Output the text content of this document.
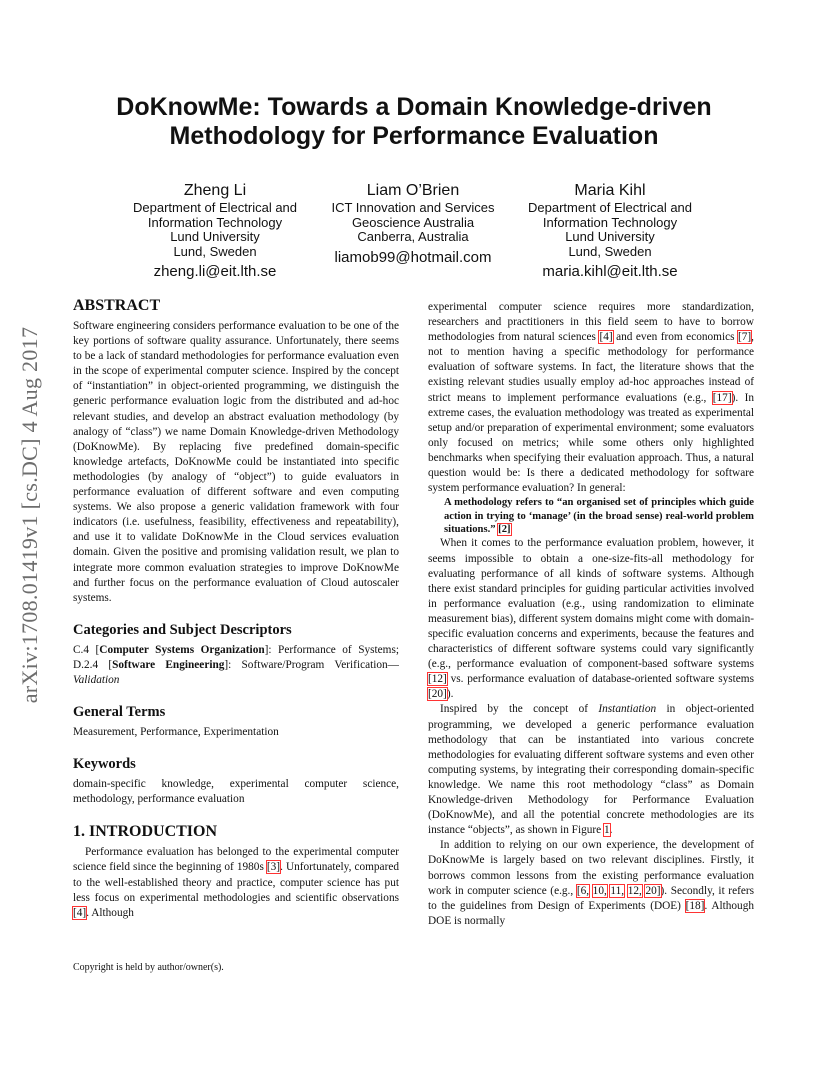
DoKnowMe: Towards a Domain Knowledge-driven
Methodology for Performance Evaluation
Zheng Li
Department of Electrical and
Information Technology
Lund University
Lund, Sweden
zheng.li@eit.lth.se
Liam O’Brien
ICT Innovation and Services
Geoscience Australia
Canberra, Australia
liamob99@hotmail.com
Maria Kihl
Department of Electrical and
Information Technology
Lund University
Lund, Sweden
maria.kihl@eit.lth.se
arXiv:1708.01419v1 [cs.DC] 4 Aug 2017
ABSTRACT

Software engineering considers performance evaluation to be one of the key portions of software quality assurance. Unfortunately, there seems to be a lack of standard methodologies for performance evaluation even in the scope of experimental computer science. Inspired by the concept of “instantiation” in object-oriented programming, we distinguish the generic performance evaluation logic from the distributed and ad-hoc relevant studies, and develop an abstract evaluation methodology (by analogy of “class”) we name Domain Knowledge-driven Methodology (DoKnowMe). By replacing five predefined domain-specific knowledge artefacts, DoKnowMe could be instantiated into specific methodologies (by analogy of “object”) to guide evaluators in performance evaluation of different software and even computing systems. We also propose a generic validation framework with four indicators (i.e. usefulness, feasibility, effectiveness and repeatability), and use it to validate DoKnowMe in the Cloud services evaluation domain. Given the positive and promising validation result, we plan to integrate more common evaluation strategies to improve DoKnowMe and further focus on the performance evaluation of Cloud autoscaler systems.

Categories and Subject Descriptors

C.4 [Computer Systems Organization]: Performance of Systems; D.2.4 [Software Engineering]: Software/Program Verification—Validation

General Terms

Measurement, Performance, Experimentation

Keywords

domain-specific knowledge, experimental computer science, methodology, performance evaluation

1. INTRODUCTION

Performance evaluation has belonged to the experimental computer science field since the beginning of 1980s [3]. Unfortunately, compared to the well-established theory and practice, computer science has put less focus on experimental methodologies and scientific observations [4]. Although

Copyright is held by author/owner(s).

experimental computer science requires more standardization, researchers and practitioners in this field seem to have to borrow methodologies from natural sciences [4] and even from economics [7], not to mention having a specific methodology for performance evaluation of software systems. In fact, the literature shows that the existing relevant studies usually employ ad-hoc approaches instead of strict means to implement performance evaluations (e.g., [17]). In extreme cases, the evaluation methodology was treated as experimental setup and/or preparation of experimental environment; some evaluators only focused on metrics; while some others only highlighted benchmarks when specifying their evaluation approach. Thus, a natural question would be: Is there a dedicated methodology for software system performance evaluation? In general:

A methodology refers to “an organised set of principles which guide action in trying to ‘manage’ (in the broad sense) real-world problem situations.” [2]

When it comes to the performance evaluation problem, however, it seems impossible to obtain a one-size-fits-all methodology for evaluating performance of all kinds of software systems. Although there exist standard principles for guiding particular activities involved in performance evaluation (e.g., using randomization to eliminate measurement bias), different system domains might come with domain-specific evaluation concerns and experiments, because the features and characteristics of different software systems could vary significantly (e.g., performance evaluation of component-based software systems [12] vs. performance evaluation of database-oriented software systems [20]).

Inspired by the concept of Instantiation in object-oriented programming, we developed a generic performance evaluation methodology that can be instantiated into various concrete methodologies for evaluating different software systems and even other computing systems, by integrating their corresponding domain-specific knowledge. We name this root methodology “class” as Domain Knowledge-driven Methodology for Performance Evaluation (DoKnowMe), and all the potential concrete methodologies are its instance “objects”, as shown in Figure 1.

In addition to relying on our own experience, the development of DoKnowMe is largely based on two relevant disciplines. Firstly, it borrows common lessons from the existing performance evaluation work in computer science (e.g., [6, 10, 11, 12, 20]). Secondly, it refers to the guidelines from Design of Experiments (DOE) [18]. Although DOE is normally
